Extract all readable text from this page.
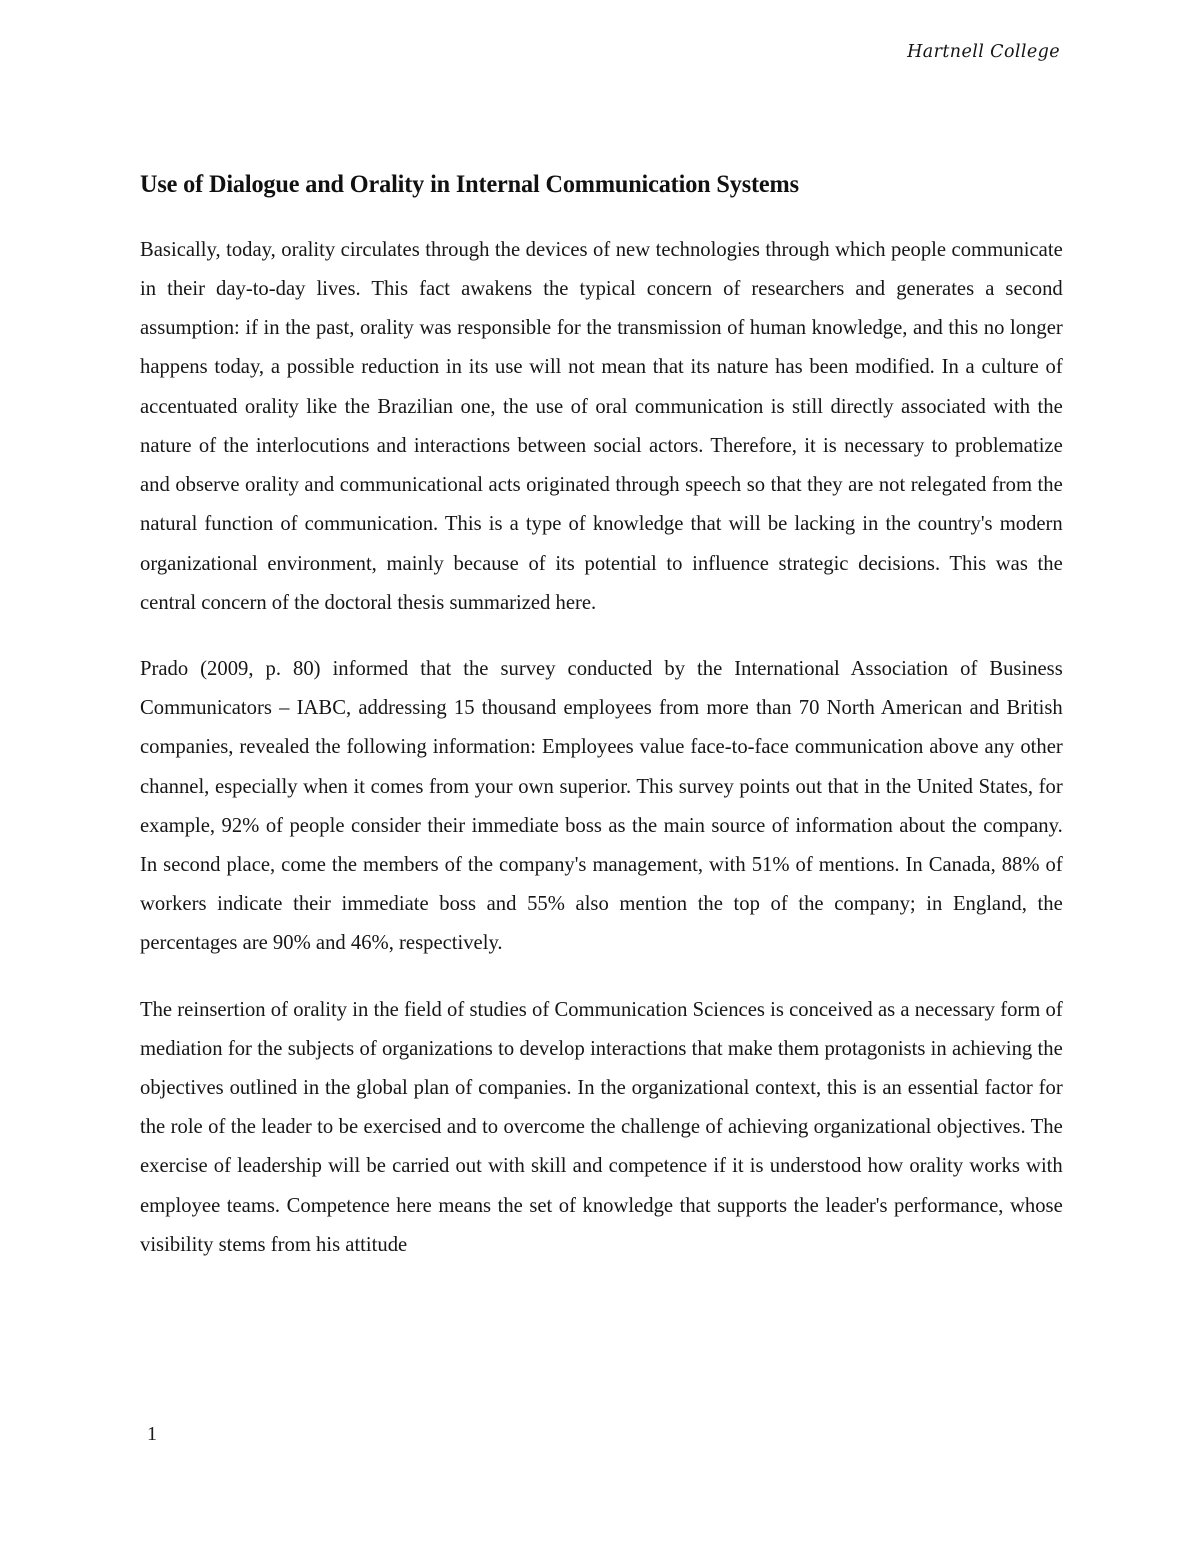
Hartnell College
Use of Dialogue and Orality in Internal Communication Systems

Basically, today, orality circulates through the devices of new technologies through which people communicate in their day-to-day lives. This fact awakens the typical concern of researchers and generates a second assumption: if in the past, orality was responsible for the transmission of human knowledge, and this no longer happens today, a possible reduction in its use will not mean that its nature has been modified. In a culture of accentuated orality like the Brazilian one, the use of oral communication is still directly associated with the nature of the interlocutions and interactions between social actors. Therefore, it is necessary to problematize and observe orality and communicational acts originated through speech so that they are not relegated from the natural function of communication. This is a type of knowledge that will be lacking in the country's modern organizational environment, mainly because of its potential to influence strategic decisions. This was the central concern of the doctoral thesis summarized here.

Prado (2009, p. 80) informed that the survey conducted by the International Association of Business Communicators – IABC, addressing 15 thousand employees from more than 70 North American and British companies, revealed the following information: Employees value face-to-face communication above any other channel, especially when it comes from your own superior. This survey points out that in the United States, for example, 92% of people consider their immediate boss as the main source of information about the company. In second place, come the members of the company's management, with 51% of mentions. In Canada, 88% of workers indicate their immediate boss and 55% also mention the top of the company; in England, the percentages are 90% and 46%, respectively.

The reinsertion of orality in the field of studies of Communication Sciences is conceived as a necessary form of mediation for the subjects of organizations to develop interactions that make them protagonists in achieving the objectives outlined in the global plan of companies. In the organizational context, this is an essential factor for the role of the leader to be exercised and to overcome the challenge of achieving organizational objectives. The exercise of leadership will be carried out with skill and competence if it is understood how orality works with employee teams. Competence here means the set of knowledge that supports the leader's performance, whose visibility stems from his attitude

1
